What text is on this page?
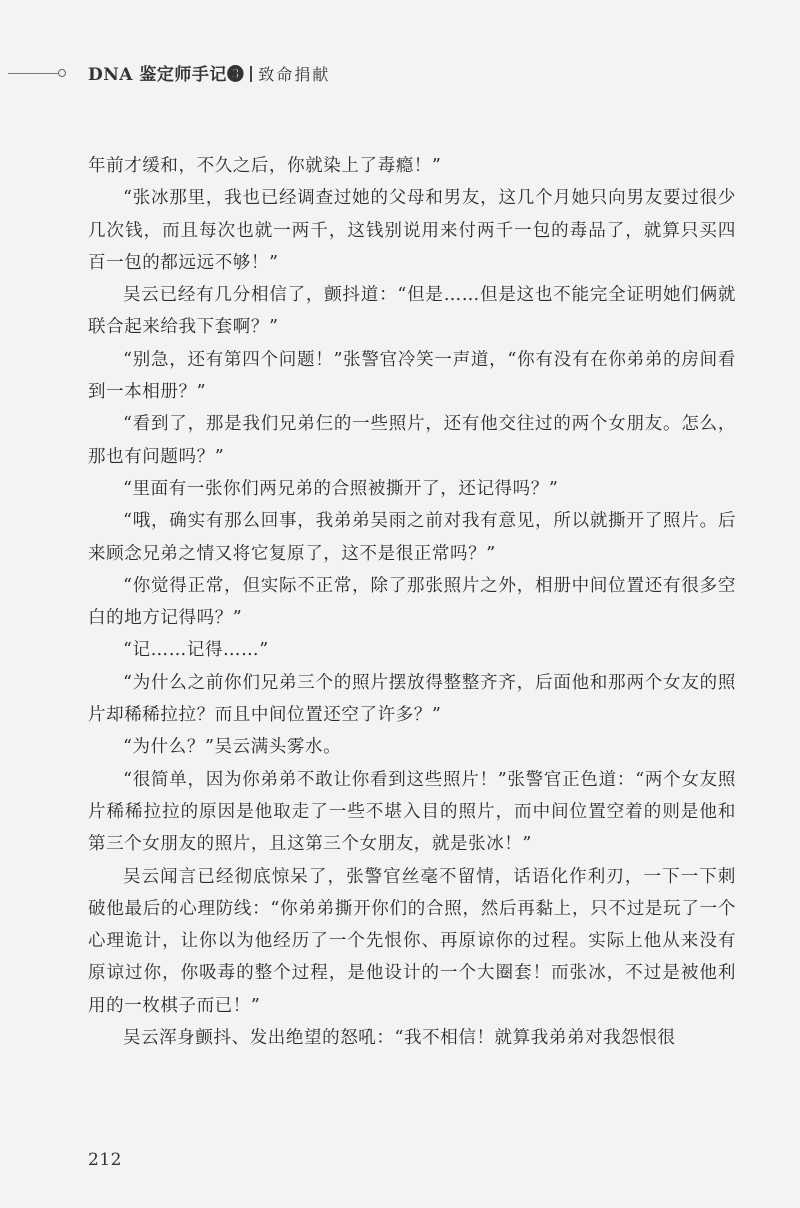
DNA 鉴定师手记❸ 致命捐献

年前才缓和，不久之后，你就染上了毒瘾！”

“张冰那里，我也已经调查过她的父母和男友，这几个月她只向男友要过很少几次钱，而且每次也就一两千，这钱别说用来付两千一包的毒品了，就算只买四百一包的都远远不够！”

吴云已经有几分相信了，颤抖道：“但是……但是这也不能完全证明她们俩就联合起来给我下套啊？”

“别急，还有第四个问题！”张警官冷笑一声道，“你有没有在你弟弟的房间看到一本相册？”

“看到了，那是我们兄弟仨的一些照片，还有他交往过的两个女朋友。怎么，那也有问题吗？”

“里面有一张你们两兄弟的合照被撕开了，还记得吗？”

“哦，确实有那么回事，我弟弟吴雨之前对我有意见，所以就撕开了照片。后来顾念兄弟之情又将它复原了，这不是很正常吗？”

“你觉得正常，但实际不正常，除了那张照片之外，相册中间位置还有很多空白的地方记得吗？”

“记……记得……”

“为什么之前你们兄弟三个的照片摆放得整整齐齐，后面他和那两个女友的照片却稀稀拉拉？而且中间位置还空了许多？”

“为什么？”吴云满头雾水。

“很简单，因为你弟弟不敢让你看到这些照片！”张警官正色道：“两个女友照片稀稀拉拉的原因是他取走了一些不堪入目的照片，而中间位置空着的则是他和第三个女朋友的照片，且这第三个女朋友，就是张冰！”

吴云闻言已经彻底惊呆了，张警官丝毫不留情，话语化作利刃，一下一下刺破他最后的心理防线：“你弟弟撕开你们的合照，然后再黏上，只不过是玩了一个心理诡计，让你以为他经历了一个先恨你、再原谅你的过程。实际上他从来没有原谅过你，你吸毒的整个过程，是他设计的一个大圈套！而张冰，不过是被他利用的一枚棋子而已！”

吴云浑身颤抖、发出绝望的怒吼：“我不相信！就算我弟弟对我怨恨很

212
